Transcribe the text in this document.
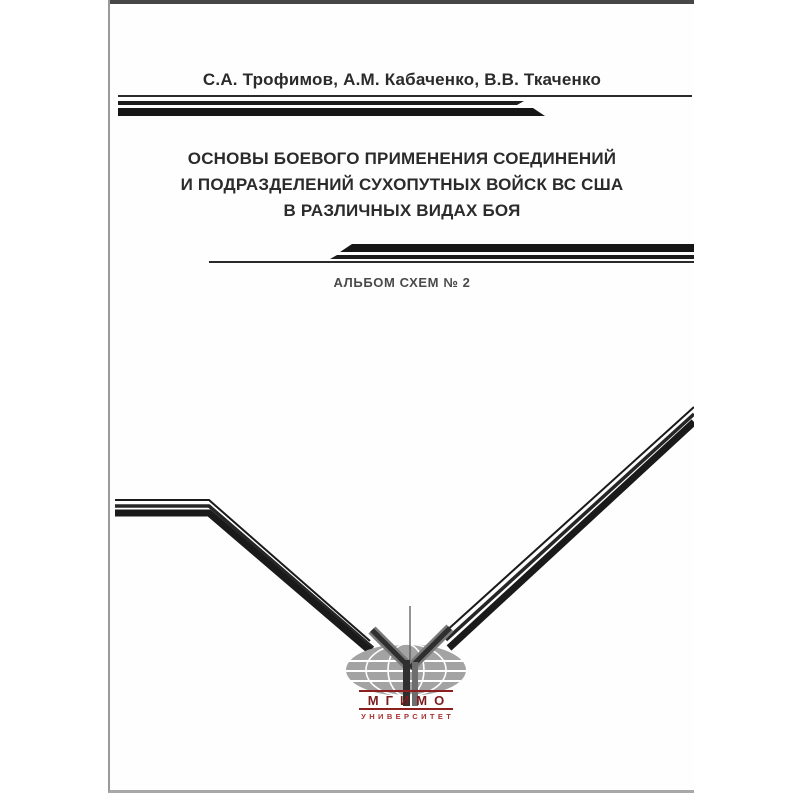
С.А. Трофимов, А.М. Кабаченко, В.В. Ткаченко
ОСНОВЫ БОЕВОГО ПРИМЕНЕНИЯ СОЕДИНЕНИЙ
И ПОДРАЗДЕЛЕНИЙ СУХОПУТНЫХ ВОЙСК ВС США
В РАЗЛИЧНЫХ ВИДАХ БОЯ
АЛЬБОМ СХЕМ № 2
МГИМО
УНИВЕРСИТЕТ
